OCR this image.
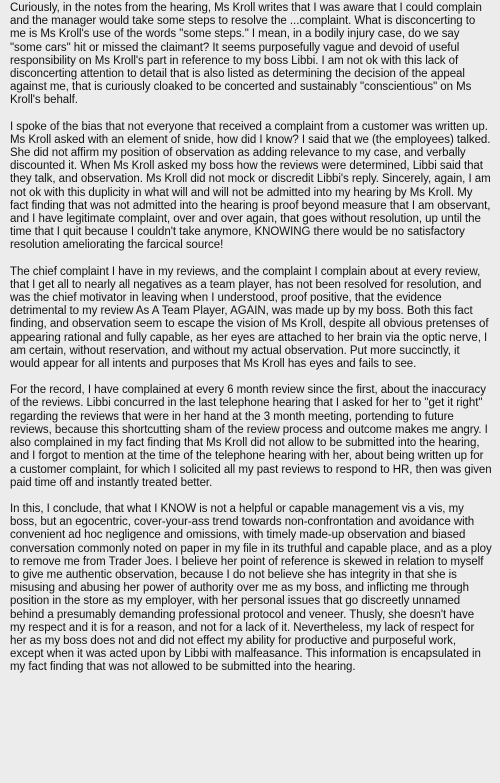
Curiously, in the notes from the hearing, Ms Kroll writes that I was aware that I could complain and the manager would take some steps to resolve the ...complaint. What is disconcerting to me is Ms Kroll's use of the words "some steps." I mean, in a bodily injury case, do we say "some cars" hit or missed the claimant? It seems purposefully vague and devoid of useful responsibility on Ms Kroll's part in reference to my boss Libbi. I am not ok with this lack of disconcerting attention to detail that is also listed as determining the decision of the appeal against me, that is curiously cloaked to be concerted and sustainably "conscientious" on Ms Kroll's behalf.

I spoke of the bias that not everyone that received a complaint from a customer was written up. Ms Kroll asked with an element of snide, how did I know? I said that we (the employees) talked. She did not affirm my position of observation as adding relevance to my case, and verbally discounted it. When Ms Kroll asked my boss how the reviews were determined, Libbi said that they talk, and observation. Ms Kroll did not mock or discredit Libbi's reply. Sincerely, again, I am not ok with this duplicity in what will and will not be admitted into my hearing by Ms Kroll. My fact finding that was not admitted into the hearing is proof beyond measure that I am observant, and I have legitimate complaint, over and over again, that goes without resolution, up until the time that I quit because I couldn't take anymore, KNOWING there would be no satisfactory resolution ameliorating the farcical source!

The chief complaint I have in my reviews, and the complaint I complain about at every review, that I get all to nearly all negatives as a team player, has not been resolved for resolution, and was the chief motivator in leaving when I understood, proof positive, that the evidence detrimental to my review As A Team Player, AGAIN, was made up by my boss. Both this fact finding, and observation seem to escape the vision of Ms Kroll, despite all obvious pretenses of appearing rational and fully capable, as her eyes are attached to her brain via the optic nerve, I am certain, without reservation, and without my actual observation. Put more succinctly, it would appear for all intents and purposes that Ms Kroll has eyes and fails to see.

For the record, I have complained at every 6 month review since the first, about the inaccuracy of the reviews. Libbi concurred in the last telephone hearing that I asked for her to "get it right" regarding the reviews that were in her hand at the 3 month meeting, portending to future reviews, because this shortcutting sham of the review process and outcome makes me angry. I also complained in my fact finding that Ms Kroll did not allow to be submitted into the hearing, and I forgot to mention at the time of the telephone hearing with her, about being written up for a customer complaint, for which I solicited all my past reviews to respond to HR, then was given paid time off and instantly treated better.

In this, I conclude, that what I KNOW is not a helpful or capable management vis a vis, my boss, but an egocentric, cover-your-ass trend towards non-confrontation and avoidance with convenient ad hoc negligence and omissions, with timely made-up observation and biased conversation commonly noted on paper in my file in its truthful and capable place, and as a ploy to remove me from Trader Joes. I believe her point of reference is skewed in relation to myself to give me authentic observation, because I do not believe she has integrity in that she is misusing and abusing her power of authority over me as my boss, and inflicting me through position in the store as my employer, with her personal issues that go discreetly unnamed behind a presumably demanding professional protocol and veneer. Thusly, she doesn't have my respect and it is for a reason, and not for a lack of it. Nevertheless, my lack of respect for her as my boss does not and did not effect my ability for productive and purposeful work, except when it was acted upon by Libbi with malfeasance. This information is encapsulated in my fact finding that was not allowed to be submitted into the hearing.
